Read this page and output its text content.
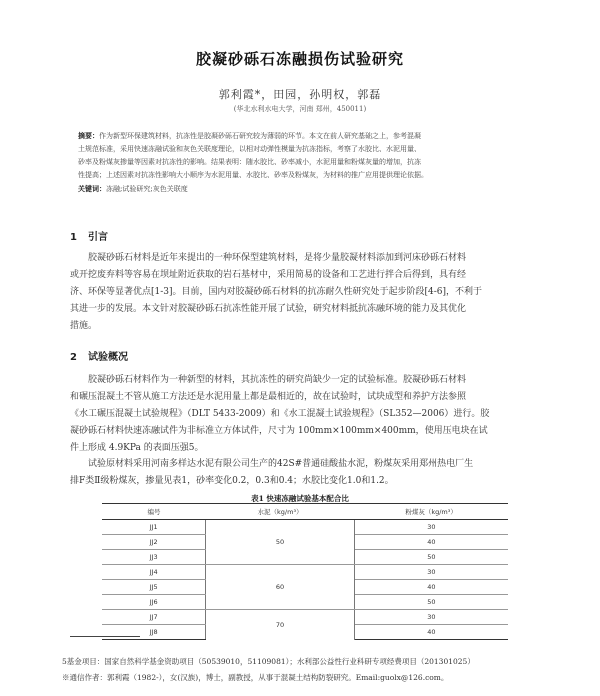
胶凝砂砾石冻融损伤试验研究
郭利霞*，田园，孙明权，郭磊
(华北水利水电大学，河南 郑州，450011)
摘要：作为新型环保建筑材料，抗冻性是胶凝砂砾石研究较为薄弱的环节。本文在前人研究基础之上，参考混凝
土规范标准，采用快速冻融试验和灰色关联度理论，以相对动弹性模量为抗冻指标，考察了水胶比、水泥用量、
砂率及粉煤灰掺量等因素对抗冻性的影响。结果表明：随水胶比、砂率减小，水泥用量和粉煤灰量的增加，抗冻
性提高；上述因素对抗冻性影响大小顺序为水泥用量、水胶比、砂率及粉煤灰，为材料的推广应用提供理论依据。
关键词：冻融;试验研究;灰色关联度
1 引言
胶凝砂砾石材料是近年来提出的一种环保型建筑材料，是将少量胶凝材料添加到河床砂砾石材料
或开挖废弃料等容易在坝址附近获取的岩石基材中，采用简易的设备和工艺进行拌合后得到，具有经
济、环保等显著优点[1-3]。目前，国内对胶凝砂砾石材料的抗冻耐久性研究处于起步阶段[4-6]，不利于
其进一步的发展。本文针对胶凝砂砾石抗冻性能开展了试验，研究材料抵抗冻融环境的能力及其优化
措施。
2 试验概况
胶凝砂砾石材料作为一种新型的材料，其抗冻性的研究尚缺少一定的试验标准。胶凝砂砾石材料
和碾压混凝土不管从施工方法还是水泥用量上都是最相近的，故在试验时，试块成型和养护方法参照
《水工碾压混凝土试验规程》（DLT 5433-2009）和《水工混凝土试验规程》（SL352—2006）进行。胶
凝砂砾石材料快速冻融试件为非标准立方体试件，尺寸为 100mm×100mm×400mm，使用压电块在试
件上形成 4.9KPa 的表面压强5。
试验原材料采用河南多样达水泥有限公司生产的42S#普通硅酸盐水泥，粉煤灰采用郑州热电厂生
排F类Ⅱ级粉煤灰，掺量见表1，砂率变化0.2，0.3和0.4；水胶比变化1.0和1.2。
表1 快速冻融试验基本配合比
编号	水泥（kg/m³）	粉煤灰（kg/m³）
JJ1	50	30
JJ2		40
JJ3		50
JJ4	60	30
JJ5		40
JJ6		50
JJ7	70	30
JJ8		40
5基金项目：国家自然科学基金资助项目（50539010，51109081）；水利部公益性行业科研专项经费项目（201301025）
※通信作者：郭利霞（1982-），女(汉族)，博士，副教授，从事于混凝土结构防裂研究。Email:guolx@126.com。
